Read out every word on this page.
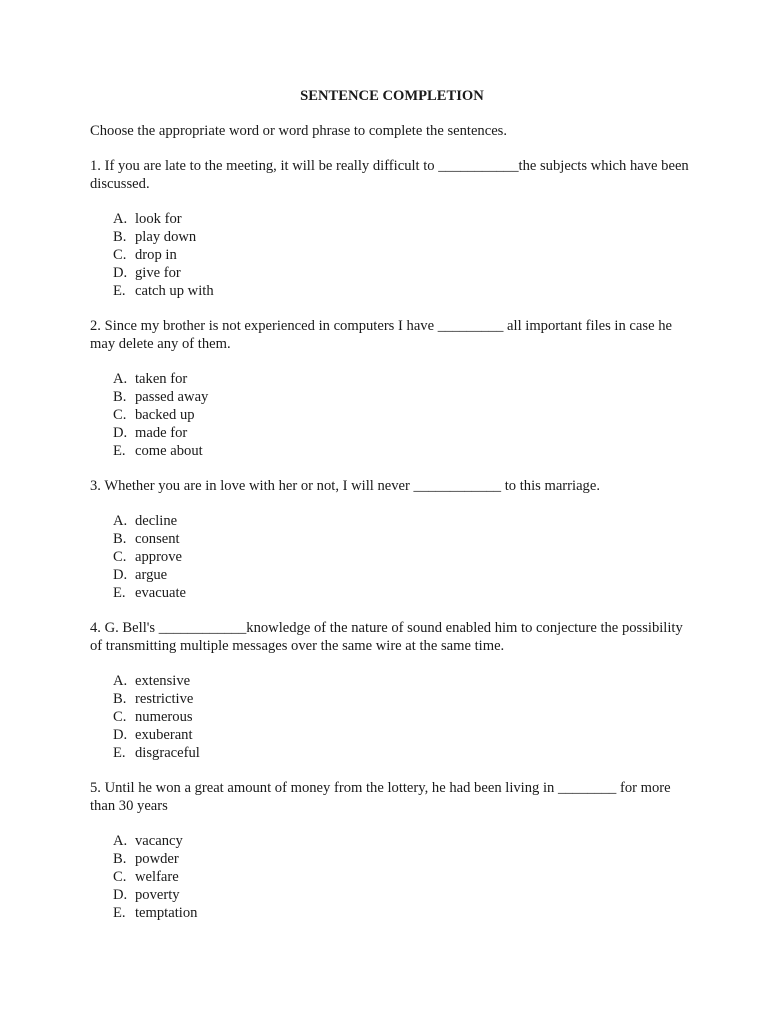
SENTENCE COMPLETION

Choose the appropriate word or word phrase to complete the sentences.

1. If you are late to the meeting, it will be really difficult to ___________the subjects which have been discussed.

A. look for
B. play down
C. drop in
D. give for
E. catch up with

2. Since my brother is not experienced in computers I have _________ all important files in case he may delete any of them.

A. taken for
B. passed away
C. backed up
D. made for
E. come about

3. Whether you are in love with her or not, I will never ____________ to this marriage.

A. decline
B. consent
C. approve
D. argue
E. evacuate

4. G. Bell's ____________knowledge of the nature of sound enabled him to conjecture the possibility of transmitting multiple messages over the same wire at the same time.

A. extensive
B. restrictive
C. numerous
D. exuberant
E. disgraceful

5. Until he won a great amount of money from the lottery, he had been living in ________ for more than 30 years

A. vacancy
B. powder
C. welfare
D. poverty
E. temptation
